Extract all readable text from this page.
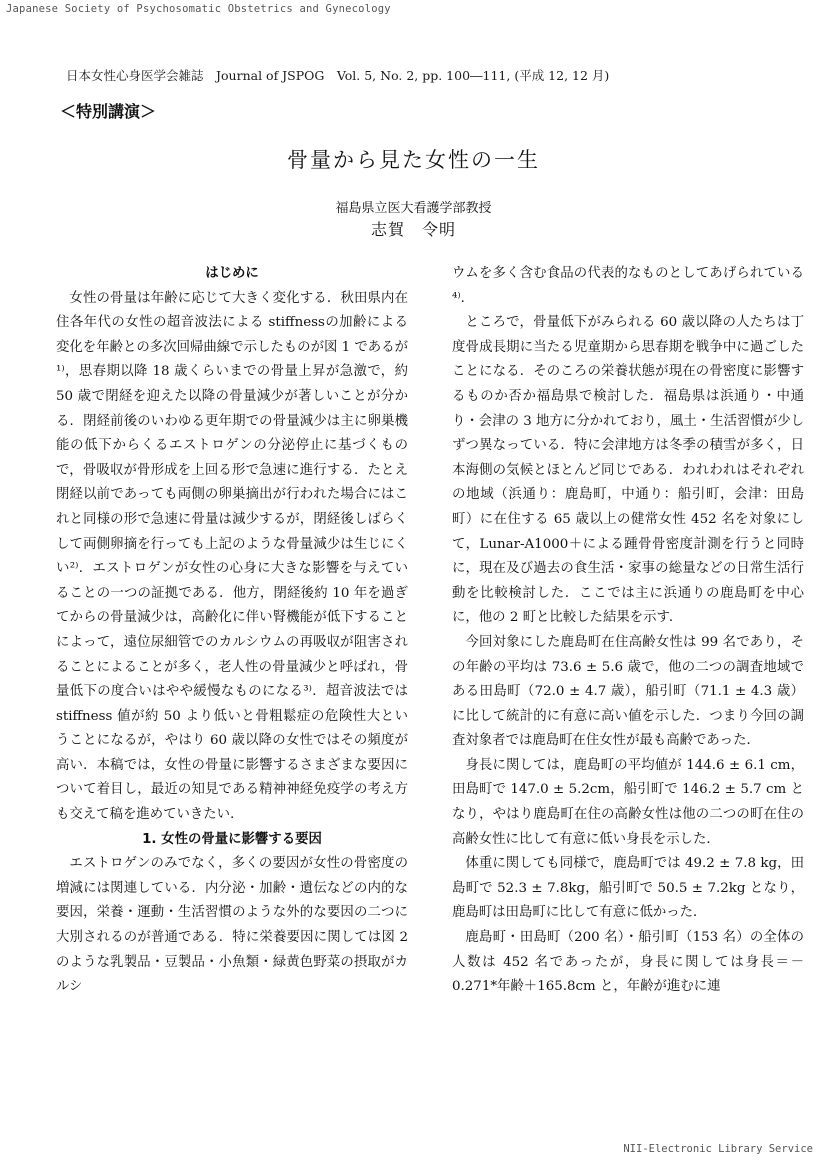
Japanese Society of Psychosomatic Obstetrics and Gynecology
日本女性心身医学会雑誌　Journal of JSPOG　Vol. 5, No. 2, pp. 100―111, (平成 12, 12 月)
＜特別講演＞
骨量から見た女性の一生
福島県立医大看護学部教授
志賀　令明
はじめに

女性の骨量は年齢に応じて大きく変化する．秋田県内在住各年代の女性の超音波法による stiffnessの加齢による変化を年齢との多次回帰曲線で示したものが図 1 であるが¹⁾，思春期以降 18 歳くらいまでの骨量上昇が急激で，約 50 歳で閉経を迎えた以降の骨量減少が著しいことが分かる．閉経前後のいわゆる更年期での骨量減少は主に卵巣機能の低下からくるエストロゲンの分泌停止に基づくもので，骨吸収が骨形成を上回る形で急速に進行する．たとえ閉経以前であっても両側の卵巣摘出が行われた場合にはこれと同様の形で急速に骨量は減少するが，閉経後しばらくして両側卵摘を行っても上記のような骨量減少は生じにくい²⁾．エストロゲンが女性の心身に大きな影響を与えていることの一つの証拠である．他方，閉経後約 10 年を過ぎてからの骨量減少は，高齢化に伴い腎機能が低下することによって，遠位尿細管でのカルシウムの再吸収が阻害されることによることが多く，老人性の骨量減少と呼ばれ，骨量低下の度合いはやや緩慢なものになる³⁾．超音波法では stiffness 値が約 50 より低いと骨粗鬆症の危険性大ということになるが，やはり 60 歳以降の女性ではその頻度が高い．本稿では，女性の骨量に影響するさまざまな要因について着目し，最近の知見である精神神経免疫学の考え方も交えて稿を進めていきたい．

1. 女性の骨量に影響する要因

エストロゲンのみでなく，多くの要因が女性の骨密度の増減には関連している．内分泌・加齢・遺伝などの内的な要因，栄養・運動・生活習慣のような外的な要因の二つに大別されるのが普通である．特に栄養要因に関しては図 2 のような乳製品・豆製品・小魚類・緑黄色野菜の摂取がカルシ

ウムを多く含む食品の代表的なものとしてあげられている⁴⁾．

ところで，骨量低下がみられる 60 歳以降の人たちは丁度骨成長期に当たる児童期から思春期を戦争中に過ごしたことになる．そのころの栄養状態が現在の骨密度に影響するものか否か福島県で検討した．福島県は浜通り・中通り・会津の 3 地方に分かれており，風土・生活習慣が少しずつ異なっている．特に会津地方は冬季の積雪が多く，日本海側の気候とほとんど同じである．われわれはそれぞれの地域（浜通り：鹿島町，中通り：船引町，会津：田島町）に在住する 65 歳以上の健常女性 452 名を対象にして，Lunar-A1000＋による踵骨骨密度計測を行うと同時に，現在及び過去の食生活・家事の総量などの日常生活行動を比較検討した．ここでは主に浜通りの鹿島町を中心に，他の 2 町と比較した結果を示す．

今回対象にした鹿島町在住高齢女性は 99 名であり，その年齢の平均は 73.6 ± 5.6 歳で，他の二つの調査地域である田島町（72.0 ± 4.7 歳），船引町（71.1 ± 4.3 歳）に比して統計的に有意に高い値を示した．つまり今回の調査対象者では鹿島町在住女性が最も高齢であった．

身長に関しては，鹿島町の平均値が 144.6 ± 6.1 cm，田島町で 147.0 ± 5.2cm，船引町で 146.2 ± 5.7 cm となり，やはり鹿島町在住の高齢女性は他の二つの町在住の高齢女性に比して有意に低い身長を示した．

体重に関しても同様で，鹿島町では 49.2 ± 7.8 kg，田島町で 52.3 ± 7.8kg，船引町で 50.5 ± 7.2kg となり，鹿島町は田島町に比して有意に低かった．

鹿島町・田島町（200 名）・船引町（153 名）の全体の人数は 452 名であったが，身長に関しては身長＝－0.271*年齢＋165.8cm と，年齢が進むに連

NII-Electronic Library Service
